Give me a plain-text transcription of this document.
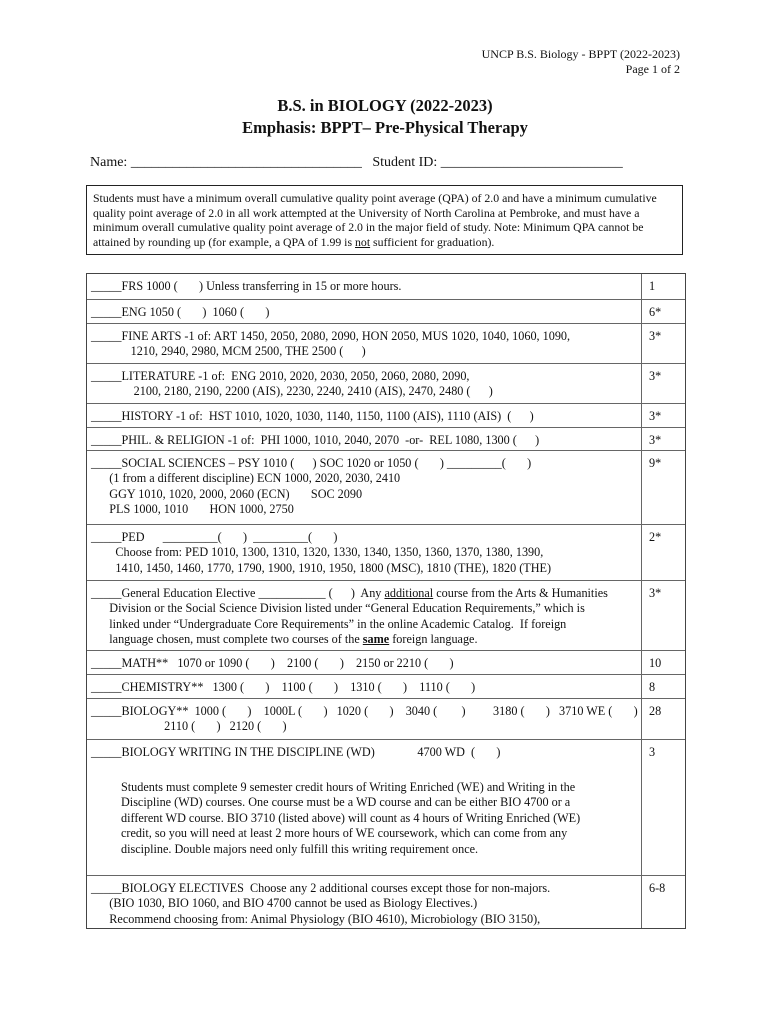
UNCP B.S. Biology - BPPT (2022-2023)
Page 1 of 2
B.S. in BIOLOGY (2022-2023)
Emphasis: BPPT– Pre-Physical Therapy
Name: _________________________________   Student ID: __________________________
Students must have a minimum overall cumulative quality point average (QPA) of 2.0 and have a minimum cumulative quality point average of 2.0 in all work attempted at the University of North Carolina at Pembroke, and must have a minimum overall cumulative quality point average of 2.0 in the major field of study. Note: Minimum QPA cannot be attained by rounding up (for example, a QPA of 1.99 is not sufficient for graduation).
_____FRS 1000 (       ) Unless transferring in 15 or more hours.	1
_____ENG 1050 (       )  1060 (       )	6*
_____FINE ARTS -1 of: ART 1450, 2050, 2080, 2090, HON 2050, MUS 1020, 1040, 1060, 1090,
1210, 2940, 2980, MCM 2500, THE 2500 (      )
3*
_____LITERATURE -1 of:  ENG 2010, 2020, 2030, 2050, 2060, 2080, 2090,
2100, 2180, 2190, 2200 (AIS), 2230, 2240, 2410 (AIS), 2470, 2480 (      )
3*
_____HISTORY -1 of:  HST 1010, 1020, 1030, 1140, 1150, 1100 (AIS), 1110 (AIS)  (      )	3*
_____PHIL. & RELIGION -1 of:  PHI 1000, 1010, 2040, 2070  -or-  REL 1080, 1300 (      )	3*
_____SOCIAL SCIENCES – PSY 1010 (      ) SOC 1020 or 1050 (       ) _________(       )
(1 from a different discipline) ECN 1000, 2020, 2030, 2410
GGY 1010, 1020, 2000, 2060 (ECN)       SOC 2090
PLS 1000, 1010       HON 1000, 2750
9*
_____PED      _________(       )  _________(       )
Choose from: PED 1010, 1300, 1310, 1320, 1330, 1340, 1350, 1360, 1370, 1380, 1390,
1410, 1450, 1460, 1770, 1790, 1900, 1910, 1950, 1800 (MSC), 1810 (THE), 1820 (THE)
2*
_____General Education Elective ___________ (      )  Any additional course from the Arts & Humanities
Division or the Social Science Division listed under “General Education Requirements,” which is
linked under “Undergraduate Core Requirements” in the online Academic Catalog.  If foreign
language chosen, must complete two courses of the same foreign language.
3*
_____MATH**   1070 or 1090 (       )    2100 (       )    2150 or 2210 (       )	10
_____CHEMISTRY**   1300 (       )    1100 (       )    1310 (       )    1110 (       )	8
_____BIOLOGY**  1000 (       )    1000L (       )   1020 (       )    3040 (        )         3180 (       )   3710 WE (       )
2110 (       )   2120 (       )
28
_____BIOLOGY WRITING IN THE DISCIPLINE (WD)              4700 WD  (       )
Students must complete 9 semester credit hours of Writing Enriched (WE) and Writing in the Discipline (WD) courses. One course must be a WD course and can be either BIO 4700 or a different WD course. BIO 3710 (listed above) will count as 4 hours of Writing Enriched (WE) credit, so you will need at least 2 more hours of WE coursework, which can come from any discipline. Double majors need only fulfill this writing requirement once.
3
_____BIOLOGY ELECTIVES  Choose any 2 additional courses except those for non-majors.
(BIO 1030, BIO 1060, and BIO 4700 cannot be used as Biology Electives.)
Recommend choosing from: Animal Physiology (BIO 4610), Microbiology (BIO 3150),
6-8
